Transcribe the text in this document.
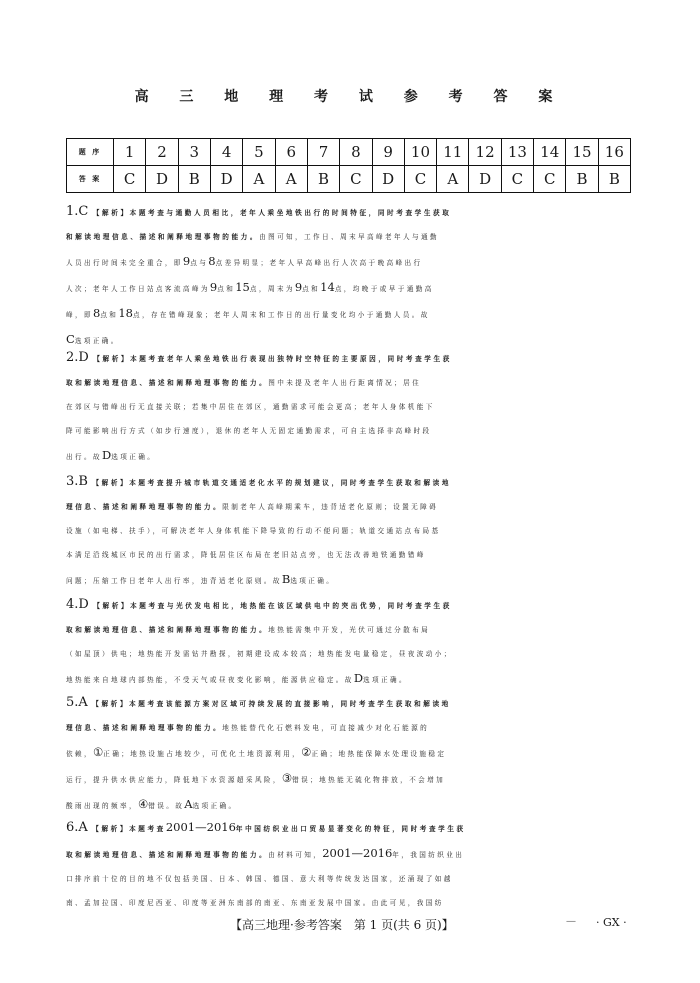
高 三 地 理 考 试 参 考 答 案
题 序	1	2	3	4	5	6	7	8	9	10	11	12	13	14	15	16
答 案	C	D	B	D	A	A	B	C	D	C	A	D	C	C	B	B

1.C 【解析】本题考查与通勤人员相比，老年人乘坐地铁出行的时间特征，同时考查学生获取

和解读地理信息、描述和阐释地理事物的能力。由图可知，工作日、周末早高峰老年人与通勤

人员出行时间未完全重合，即9点与8点差异明显；老年人早高峰出行人次高于晚高峰出行

人次；老年人工作日站点客流高峰为9点和15点，周末为9点和14点，均晚于或早于通勤高

峰，即8点和18点，存在错峰现象；老年人周末和工作日的出行量变化均小于通勤人员。故

C选项正确。

2.D 【解析】本题考查老年人乘坐地铁出行表现出独特时空特征的主要原因，同时考查学生获

取和解读地理信息、描述和阐释地理事物的能力。图中未提及老年人出行距离情况；居住

在郊区与错峰出行无直接关联；若集中居住在郊区，通勤需求可能会更高；老年人身体机能下

降可能影响出行方式（如步行速度），退休的老年人无固定通勤需求，可自主选择非高峰时段

出行。故D选项正确。

3.B 【解析】本题考查提升城市轨道交通适老化水平的规划建议，同时考查学生获取和解读地

理信息、描述和阐释地理事物的能力。限制老年人高峰期乘车，违背适老化原则；设置无障碍

设施（如电梯、扶手），可解决老年人身体机能下降导致的行动不便问题；轨道交通站点布局基

本满足沿线城区市民的出行需求，降低居住区布局在老旧站点旁，也无法改善地铁通勤错峰

问题；压缩工作日老年人出行率，违背适老化原则。故B选项正确。

4.D 【解析】本题考查与光伏发电相比，地热能在该区域供电中的突出优势，同时考查学生获

取和解读地理信息、描述和阐释地理事物的能力。地热能需集中开发，光伏可通过分散布局

（如屋顶）供电；地热能开发需钻井勘探，初期建设成本较高；地热能发电量稳定，昼夜波动小；

地热能来自地球内部热能，不受天气或昼夜变化影响，能源供应稳定。故D选项正确。

5.A 【解析】本题考查该能源方案对区域可持续发展的直接影响，同时考查学生获取和解读地

理信息、描述和阐释地理事物的能力。地热能替代化石燃料发电，可直接减少对化石能源的

依赖，①正确；地热设施占地较少，可优化土地资源利用，②正确；地热能保障水处理设施稳定

运行，提升供水供应能力，降低地下水资源超采风险，③错误；地热能无硫化物排放，不会增加

酸雨出现的频率，④错误。故A选项正确。

6.A 【解析】本题考查2001—2016年中国纺织业出口贸易显著变化的特征，同时考查学生获

取和解读地理信息、描述和阐释地理事物的能力。由材料可知，2001—2016年，我国纺织业出

口排序前十位的目的地不仅包括美国、日本、韩国、德国、意大利等传统发达国家，还涌现了如越

南、孟加拉国、印度尼西亚、印度等亚洲东南部的南亚、东南亚发展中国家。由此可见，我国纺

【高三地理·参考答案　第 1 页(共 6 页)】	— · GX ·
